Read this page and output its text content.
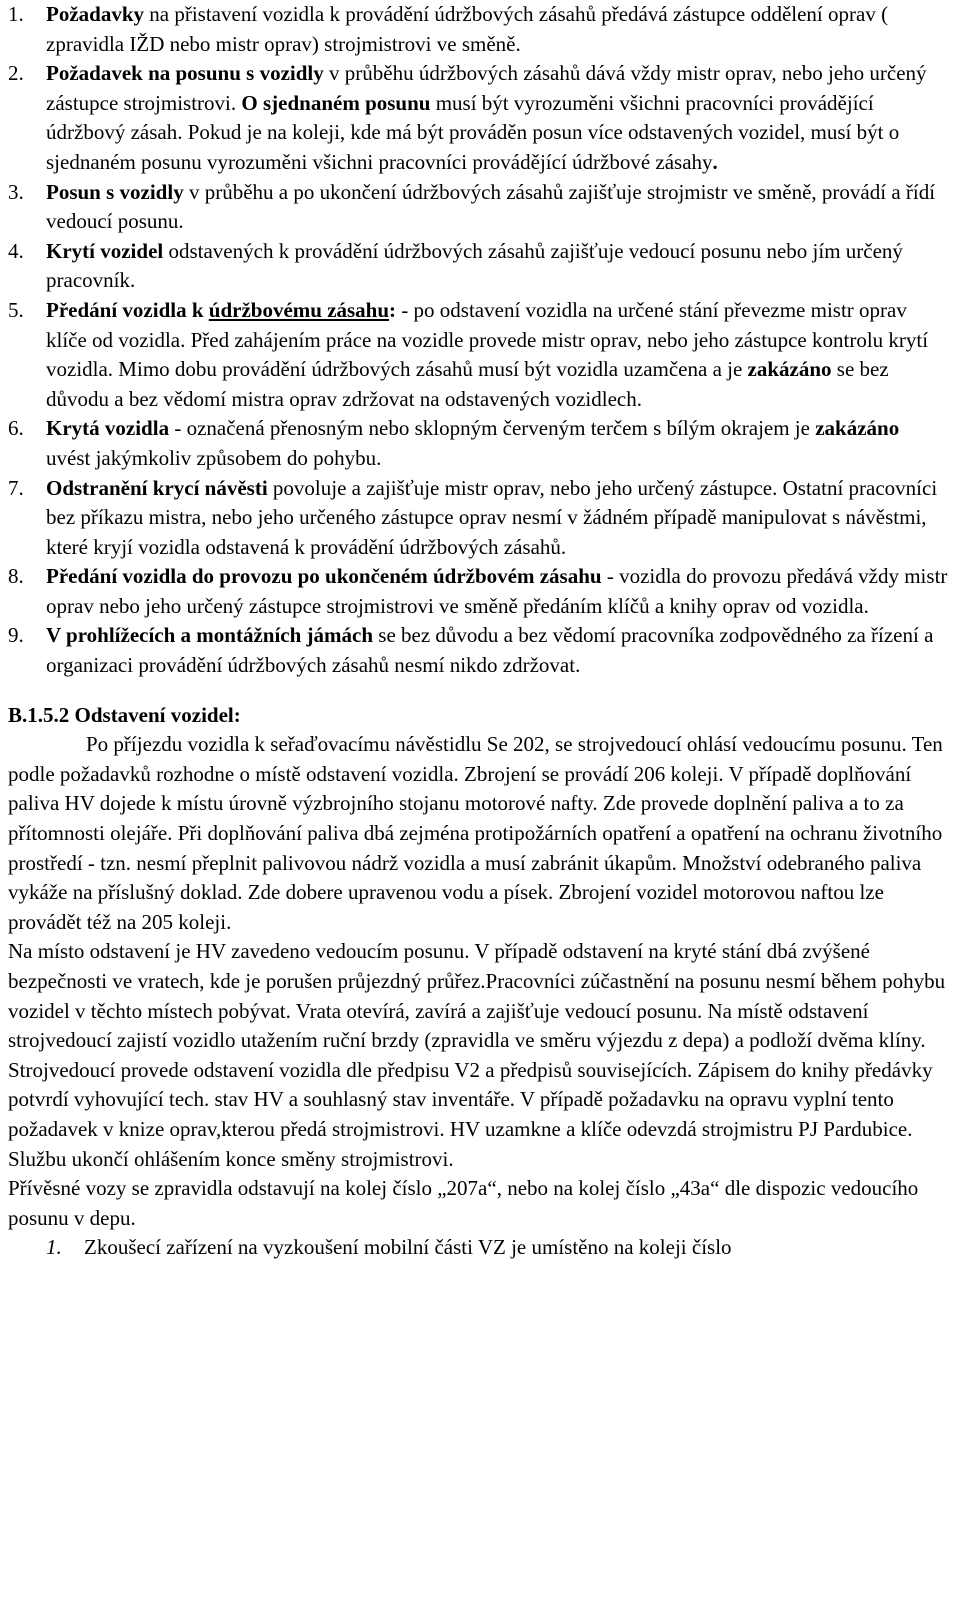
1. Požadavky na přistavení vozidla k provádění údržbových zásahů předává zástupce oddělení oprav ( zpravidla IŽD nebo mistr oprav) strojmistrovi ve směně.
2. Požadavek na posunu s vozidly v průběhu údržbových zásahů dává vždy mistr oprav, nebo jeho určený zástupce strojmistrovi. O sjednaném posunu musí být vyrozuměni všichni pracovníci provádějící údržbový zásah. Pokud je na koleji, kde má být prováděn posun více odstavených vozidel, musí být o sjednaném posunu vyrozuměni všichni pracovníci provádějící údržbové zásahy.
3. Posun s vozidly v průběhu a po ukončení údržbových zásahů zajišťuje strojmistr ve směně, provádí a řídí vedoucí posunu.
4. Krytí vozidel odstavených k provádění údržbových zásahů zajišťuje vedoucí posunu nebo jím určený pracovník.
5. Předání vozidla k údržbovému zásahu: - po odstavení vozidla na určené stání převezme mistr oprav klíče od vozidla. Před zahájením práce na vozidle provede mistr oprav, nebo jeho zástupce kontrolu krytí vozidla. Mimo dobu provádění údržbových zásahů musí být vozidla uzamčena a je zakázáno se bez důvodu a bez vědomí mistra oprav zdržovat na odstavených vozidlech.
6. Krytá vozidla - označená přenosným nebo sklopným červeným terčem s bílým okrajem je zakázáno uvést jakýmkoliv způsobem do pohybu.
7. Odstranění krycí návěsti povoluje a zajišťuje mistr oprav, nebo jeho určený zástupce. Ostatní pracovníci bez příkazu mistra, nebo jeho určeného zástupce oprav nesmí v žádném případě manipulovat s návěstmi, které kryjí vozidla odstavená k provádění údržbových zásahů.
8. Předání vozidla do provozu po ukončeném údržbovém zásahu - vozidla do provozu předává vždy mistr oprav nebo jeho určený zástupce strojmistrovi ve směně předáním klíčů a knihy oprav od vozidla.
9. V prohlížecích a montážních jámách se bez důvodu a bez vědomí pracovníka zodpovědného za řízení a organizaci provádění údržbových zásahů nesmí nikdo zdržovat.
B.1.5.2 Odstavení vozidel:

Po příjezdu vozidla k seřaďovacímu návěstidlu Se 202, se strojvedoucí ohlásí vedoucímu posunu. Ten podle požadavků rozhodne o místě odstavení vozidla. Zbrojení se provádí 206 koleji. V případě doplňování paliva HV dojede k místu úrovně výzbrojního stojanu motorové nafty. Zde provede doplnění paliva a to za přítomnosti olejáře. Při doplňování paliva dbá zejména protipožárních opatření a opatření na ochranu životního prostředí - tzn. nesmí přeplnit palivovou nádrž vozidla a musí zabránit úkapům. Množství odebraného paliva vykáže na příslušný doklad. Zde dobere upravenou vodu a písek. Zbrojení vozidel motorovou naftou lze provádět též na 205 koleji.

Na místo odstavení je HV zavedeno vedoucím posunu. V případě odstavení na kryté stání dbá zvýšené bezpečnosti ve vratech, kde je porušen průjezdný průřez.Pracovníci zúčastnění na posunu nesmí během pohybu vozidel v těchto místech pobývat. Vrata otevírá, zavírá a zajišťuje vedoucí posunu. Na místě odstavení strojvedoucí zajistí vozidlo utažením ruční brzdy (zpravidla ve směru výjezdu z depa) a podloží dvěma klíny. Strojvedoucí provede odstavení vozidla dle předpisu V2 a předpisů souvisejících. Zápisem do knihy předávky potvrdí vyhovující tech. stav HV a souhlasný stav inventáře. V případě požadavku na opravu vyplní tento požadavek v knize oprav,kterou předá strojmistrovi. HV uzamkne a klíče odevzdá strojmistru PJ Pardubice. Službu ukončí ohlášením konce směny strojmistrovi.

Přívěsné vozy se zpravidla odstavují na kolej číslo „207a“, nebo na kolej číslo „43a“ dle dispozic vedoucího posunu v depu.

1. Zkoušecí zařízení na vyzkoušení mobilní části VZ je umístěno na koleji číslo
